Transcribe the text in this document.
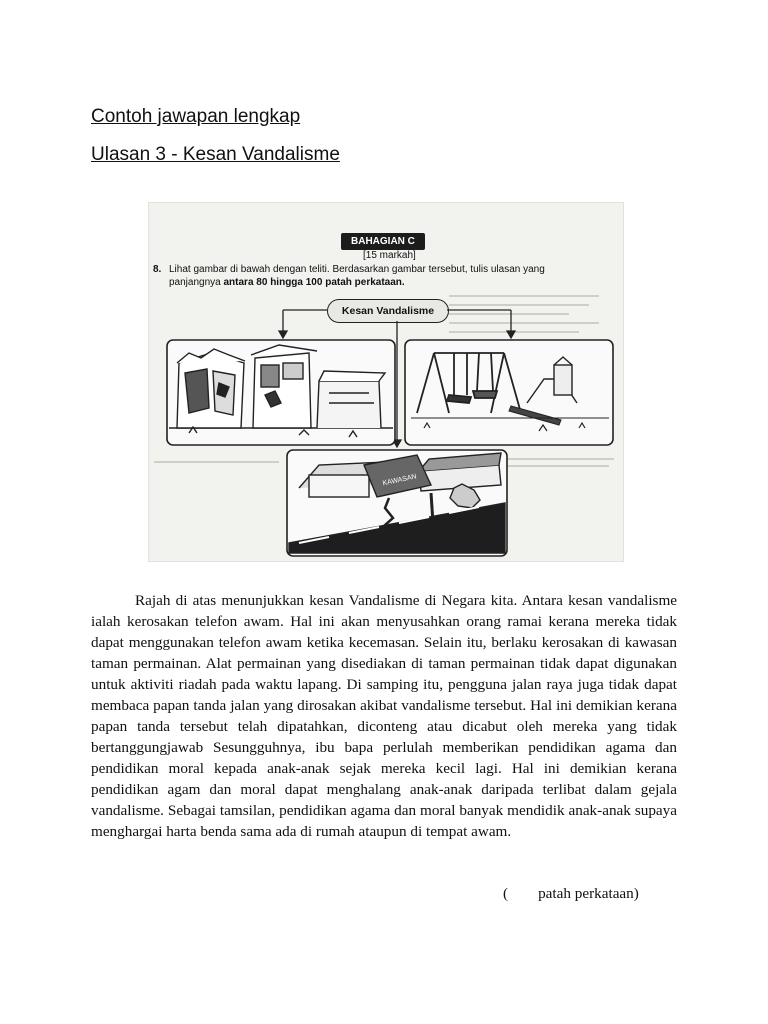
Contoh jawapan lengkap
Ulasan 3 - Kesan Vandalisme
BAHAGIAN C
[15 markah]
8. Lihat gambar di bawah dengan teliti. Berdasarkan gambar tersebut, tulis ulasan yang
panjangnya antara 80 hingga 100 patah perkataan.
Kesan Vandalisme
KAWASAN

Rajah di atas menunjukkan kesan Vandalisme di Negara kita. Antara kesan vandalisme ialah kerosakan telefon awam. Hal ini akan menyusahkan orang ramai kerana mereka tidak dapat menggunakan telefon awam ketika kecemasan. Selain itu, berlaku kerosakan di kawasan taman permainan. Alat permainan yang disediakan di taman permainan tidak dapat digunakan untuk aktiviti riadah pada waktu lapang. Di samping itu, pengguna jalan raya juga tidak dapat membaca papan tanda jalan yang dirosakan akibat vandalisme tersebut. Hal ini demikian kerana papan tanda tersebut telah dipatahkan, diconteng atau dicabut oleh mereka yang tidak bertanggungjawab Sesungguhnya, ibu bapa perlulah memberikan pendidikan agama dan pendidikan moral kepada anak-anak sejak mereka kecil lagi. Hal ini demikian kerana pendidikan agam dan moral dapat menghalang anak-anak daripada terlibat dalam gejala vandalisme. Sebagai tamsilan, pendidikan agama dan moral banyak mendidik anak-anak supaya menghargai harta benda sama ada di rumah ataupun di tempat awam.

( patah perkataan)
